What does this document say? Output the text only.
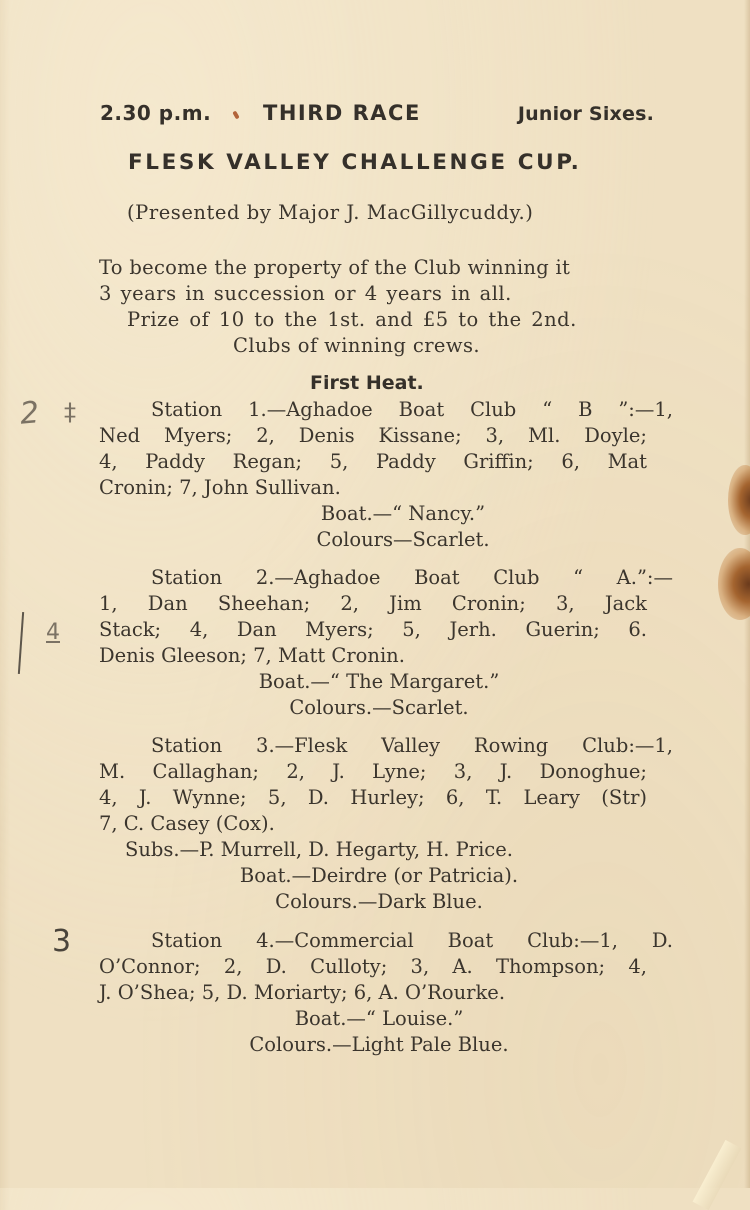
2.30 p.m. THIRD RACE	Junior Sixes.
FLESK VALLEY CHALLENGE CUP.
(Presented by Major J. MacGillycuddy.)
To become the property of the Club winning it
3 years in succession or 4 years in all.
Prize of 10 to the 1st. and £5 to the 2nd.
Clubs of winning crews.
First Heat.
Station 1.—Aghadoe Boat Club “ B ”:—1,
Ned Myers; 2, Denis Kissane; 3, Ml. Doyle;
4, Paddy Regan; 5, Paddy Griffin; 6, Mat
Cronin; 7, John Sullivan.
Boat.—“ Nancy.”
Colours—Scarlet.
Station 2.—Aghadoe Boat Club “ A.”:—
1, Dan Sheehan; 2, Jim Cronin; 3, Jack
Stack; 4, Dan Myers; 5, Jerh. Guerin; 6.
Denis Gleeson; 7, Matt Cronin.
Boat.—“ The Margaret.”
Colours.—Scarlet.
Station 3.—Flesk Valley Rowing Club:—1,
M. Callaghan; 2, J. Lyne; 3, J. Donoghue;
4, J. Wynne; 5, D. Hurley; 6, T. Leary (Str)
7, C. Casey (Cox).
Subs.—P. Murrell, D. Hegarty, H. Price.
Boat.—Deirdre (or Patricia).
Colours.—Dark Blue.
Station 4.—Commercial Boat Club:—1, D.
O’Connor; 2, D. Culloty; 3, A. Thompson; 4,
J. O’Shea; 5, D. Moriarty; 6, A. O’Rourke.
Boat.—“ Louise.”
Colours.—Light Pale Blue.
2 ‡
4
3
